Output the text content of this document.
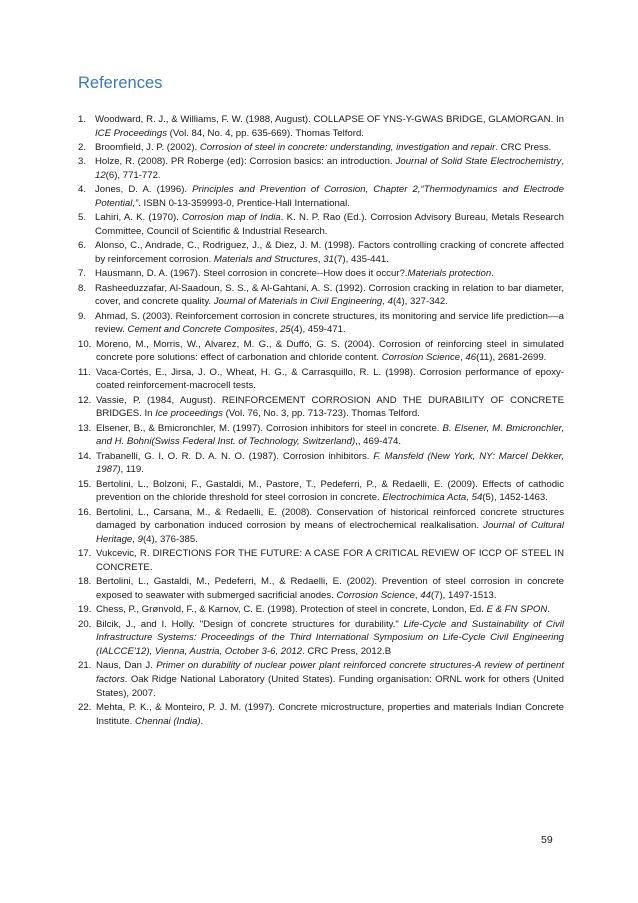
References
1. Woodward, R. J., & Williams, F. W. (1988, August). COLLAPSE OF YNS-Y-GWAS BRIDGE, GLAMORGAN. In ICE Proceedings (Vol. 84, No. 4, pp. 635-669). Thomas Telford.
2. Broomfield, J. P. (2002). Corrosion of steel in concrete: understanding, investigation and repair. CRC Press.
3. Holze, R. (2008). PR Roberge (ed): Corrosion basics: an introduction. Journal of Solid State Electrochemistry, 12(6), 771-772.
4. Jones, D. A. (1996). Principles and Prevention of Corrosion, Chapter 2,“Thermodynamics and Electrode Potential,”. ISBN 0-13-359993-0, Prentice-Hall International.
5. Lahiri, A. K. (1970). Corrosion map of India. K. N. P. Rao (Ed.). Corrosion Advisory Bureau, Metals Research Committee, Council of Scientific & Industrial Research.
6. Alonso, C., Andrade, C., Rodriguez, J., & Diez, J. M. (1998). Factors controlling cracking of concrete affected by reinforcement corrosion. Materials and Structures, 31(7), 435-441.
7. Hausmann, D. A. (1967). Steel corrosion in concrete--How does it occur?.Materials protection.
8. Rasheeduzzafar, Al-Saadoun, S. S., & Al-Gahtani, A. S. (1992). Corrosion cracking in relation to bar diameter, cover, and concrete quality. Journal of Materials in Civil Engineering, 4(4), 327-342.
9. Ahmad, S. (2003). Reinforcement corrosion in concrete structures, its monitoring and service life prediction––a review. Cement and Concrete Composites, 25(4), 459-471.
10. Moreno, M., Morris, W., Alvarez, M. G., & Duffó, G. S. (2004). Corrosion of reinforcing steel in simulated concrete pore solutions: effect of carbonation and chloride content. Corrosion Science, 46(11), 2681-2699.
11. Vaca-Cortés, E., Jirsa, J. O., Wheat, H. G., & Carrasquillo, R. L. (1998). Corrosion performance of epoxy-coated reinforcement-macrocell tests.
12. Vassie, P. (1984, August). REINFORCEMENT CORROSION AND THE DURABILITY OF CONCRETE BRIDGES. In Ice proceedings (Vol. 76, No. 3, pp. 713-723). Thomas Telford.
13. Elsener, B., & Bmicronchler, M. (1997). Corrosion inhibitors for steel in concrete. B. Elsener, M. Bmicronchler, and H. Bohni(Swiss Federal Inst. of Technology, Switzerland),, 469-474.
14. Trabanelli, G. I. O. R. D. A. N. O. (1987). Corrosion inhibitors. F. Mansfeld (New York, NY: Marcel Dekker, 1987), 119.
15. Bertolini, L., Bolzoni, F., Gastaldi, M., Pastore, T., Pedeferri, P., & Redaelli, E. (2009). Effects of cathodic prevention on the chloride threshold for steel corrosion in concrete. Electrochimica Acta, 54(5), 1452-1463.
16. Bertolini, L., Carsana, M., & Redaelli, E. (2008). Conservation of historical reinforced concrete structures damaged by carbonation induced corrosion by means of electrochemical realkalisation. Journal of Cultural Heritage, 9(4), 376-385.
17. Vukcevic, R. DIRECTIONS FOR THE FUTURE: A CASE FOR A CRITICAL REVIEW OF ICCP OF STEEL IN CONCRETE.
18. Bertolini, L., Gastaldi, M., Pedeferri, M., & Redaelli, E. (2002). Prevention of steel corrosion in concrete exposed to seawater with submerged sacrificial anodes. Corrosion Science, 44(7), 1497-1513.
19. Chess, P., Grønvold, F., & Karnov, C. E. (1998). Protection of steel in concrete, London, Ed. E & FN SPON.
20. Bilcik, J., and I. Holly. "Design of concrete structures for durability." Life-Cycle and Sustainability of Civil Infrastructure Systems: Proceedings of the Third International Symposium on Life-Cycle Civil Engineering (IALCCE'12), Vienna, Austria, October 3-6, 2012. CRC Press, 2012.B
21. Naus, Dan J. Primer on durability of nuclear power plant reinforced concrete structures-A review of pertinent factors. Oak Ridge National Laboratory (United States). Funding organisation: ORNL work for others (United States), 2007.
22. Mehta, P. K., & Monteiro, P. J. M. (1997). Concrete microstructure, properties and materials Indian Concrete Institute. Chennai (India).
59
